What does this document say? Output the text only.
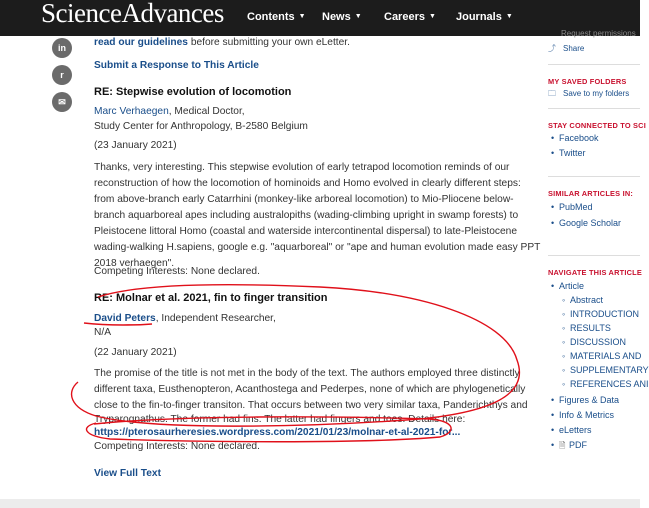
ScienceAdvances Contents ▼ News ▼ Careers ▼ Journals ▼
in
r
✉
read our guidelines before submitting your own eLetter.
Submit a Response to This Article
RE: Stepwise evolution of locomotion
Marc Verhaegen, Medical Doctor,
Study Center for Anthropology, B-2580 Belgium
(23 January 2021)
Thanks, very interesting. This stepwise evolution of early tetrapod locomotion reminds of our
reconstruction of how the locomotion of hominoids and Homo evolved in clearly different steps:
from above-branch early Catarrhini (monkey-like arboreal locomotion) to Mio-Pliocene below-
branch aquarboreal apes including australopiths (wading-climbing upright in swamp forests) to
Pleistocene littoral Homo (coastal and waterside intercontinental dispersal) to late-Pleistocene
wading-walking H.sapiens, google e.g. "aquarboreal" or "ape and human evolution made easy PPT
2018 verhaegen".
Competing Interests: None declared.
RE: Molnar et al. 2021, fin to finger transition
David Peters, Independent Researcher,
N/A
(22 January 2021)
The promise of the title is not met in the body of the text. The authors employed three distinctly
different taxa, Eusthenopteron, Acanthostega and Pederpes, none of which are phylogenetically
close to the fin-to-finger transiton. That occurs between two very similar taxa, Panderichthys and
Tryparognathus. The former had fins. The latter had fingers and toes. Details here:
https://pterosaurheresies.wordpress.com/2021/01/23/molnar-et-al-2021-for...
Competing Interests: None declared.
View Full Text
Request permissions
⤴ Share
MY SAVED FOLDERS
🗀 Save to my folders
STAY CONNECTED TO SCI
• Facebook
• Twitter
SIMILAR ARTICLES IN:
• PubMed
• Google Scholar
NAVIGATE THIS ARTICLE
• Article
◦ Abstract
◦ INTRODUCTION
◦ RESULTS
◦ DISCUSSION
◦ MATERIALS AND
◦ SUPPLEMENTARY
◦ REFERENCES ANI
• Figures & Data
• Info & Metrics
• eLetters
• 🗎 PDF
